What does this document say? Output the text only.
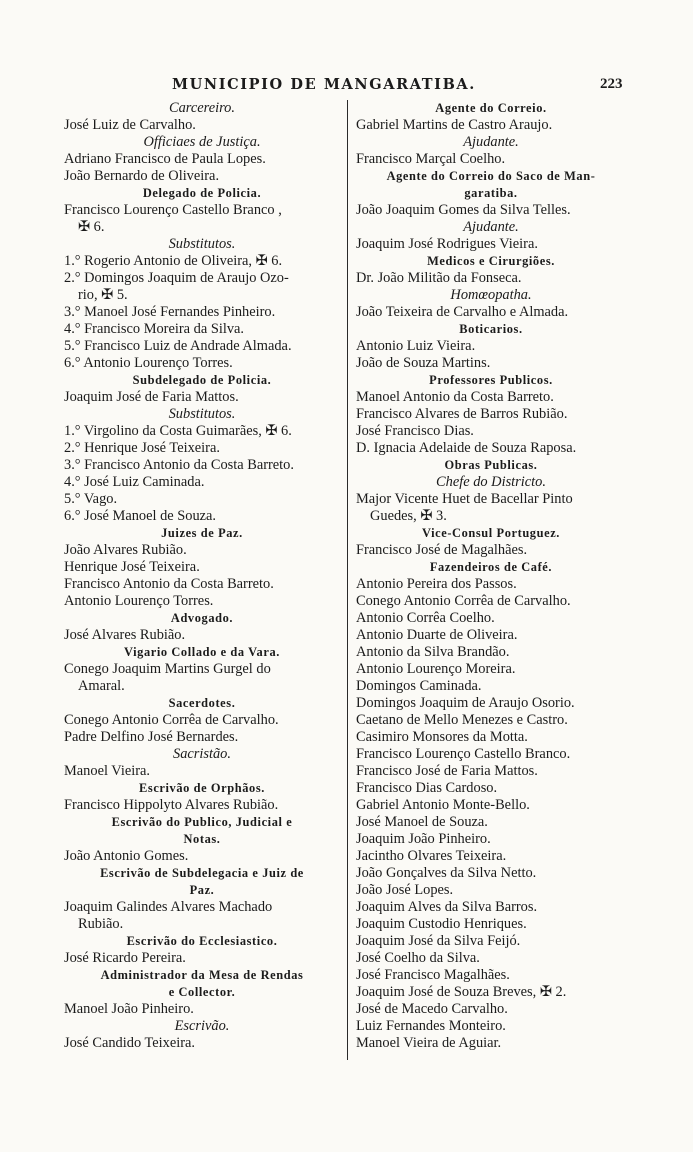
MUNICIPIO DE MANGARATIBA.	223
Carcereiro.
José Luiz de Carvalho.
Officiaes de Justiça.
Adriano Francisco de Paula Lopes.
João Bernardo de Oliveira.
Delegado de Policia.
Francisco Lourenço Castello Branco ,
✠ 6.
Substitutos.
1.° Rogerio Antonio de Oliveira, ✠ 6.
2.° Domingos Joaquim de Araujo Ozo-
rio, ✠ 5.
3.° Manoel José Fernandes Pinheiro.
4.° Francisco Moreira da Silva.
5.° Francisco Luiz de Andrade Almada.
6.° Antonio Lourenço Torres.
Subdelegado de Policia.
Joaquim José de Faria Mattos.
Substitutos.
1.° Virgolino da Costa Guimarães, ✠ 6.
2.° Henrique José Teixeira.
3.° Francisco Antonio da Costa Barreto.
4.° José Luiz Caminada.
5.° Vago.
6.° José Manoel de Souza.
Juizes de Paz.
João Alvares Rubião.
Henrique José Teixeira.
Francisco Antonio da Costa Barreto.
Antonio Lourenço Torres.
Advogado.
José Alvares Rubião.
Vigario Collado e da Vara.
Conego Joaquim Martins Gurgel do
Amaral.
Sacerdotes.
Conego Antonio Corrêa de Carvalho.
Padre Delfino José Bernardes.
Sacristão.
Manoel Vieira.
Escrivão de Orphãos.
Francisco Hippolyto Alvares Rubião.
Escrivão do Publico, Judicial e
Notas.
João Antonio Gomes.
Escrivão de Subdelegacia e Juiz de
Paz.
Joaquim Galindes Alvares Machado
Rubião.
Escrivão do Ecclesiastico.
José Ricardo Pereira.
Administrador da Mesa de Rendas
e Collector.
Manoel João Pinheiro.
Escrivão.
José Candido Teixeira.
Agente do Correio.
Gabriel Martins de Castro Araujo.
Ajudante.
Francisco Marçal Coelho.
Agente do Correio do Saco de Man-
garatiba.
João Joaquim Gomes da Silva Telles.
Ajudante.
Joaquim José Rodrigues Vieira.
Medicos e Cirurgiões.
Dr. João Militão da Fonseca.
Homœopatha.
João Teixeira de Carvalho e Almada.
Boticarios.
Antonio Luiz Vieira.
João de Souza Martins.
Professores Publicos.
Manoel Antonio da Costa Barreto.
Francisco Alvares de Barros Rubião.
José Francisco Dias.
D. Ignacia Adelaide de Souza Raposa.
Obras Publicas.
Chefe do Districto.
Major Vicente Huet de Bacellar Pinto
Guedes, ✠ 3.
Vice-Consul Portuguez.
Francisco José de Magalhães.
Fazendeiros de Café.
Antonio Pereira dos Passos.
Conego Antonio Corrêa de Carvalho.
Antonio Corrêa Coelho.
Antonio Duarte de Oliveira.
Antonio da Silva Brandão.
Antonio Lourenço Moreira.
Domingos Caminada.
Domingos Joaquim de Araujo Osorio.
Caetano de Mello Menezes e Castro.
Casimiro Monsores da Motta.
Francisco Lourenço Castello Branco.
Francisco José de Faria Mattos.
Francisco Dias Cardoso.
Gabriel Antonio Monte-Bello.
José Manoel de Souza.
Joaquim João Pinheiro.
Jacintho Olvares Teixeira.
João Gonçalves da Silva Netto.
João José Lopes.
Joaquim Alves da Silva Barros.
Joaquim Custodio Henriques.
Joaquim José da Silva Feijó.
José Coelho da Silva.
José Francisco Magalhães.
Joaquim José de Souza Breves, ✠ 2.
José de Macedo Carvalho.
Luiz Fernandes Monteiro.
Manoel Vieira de Aguiar.
